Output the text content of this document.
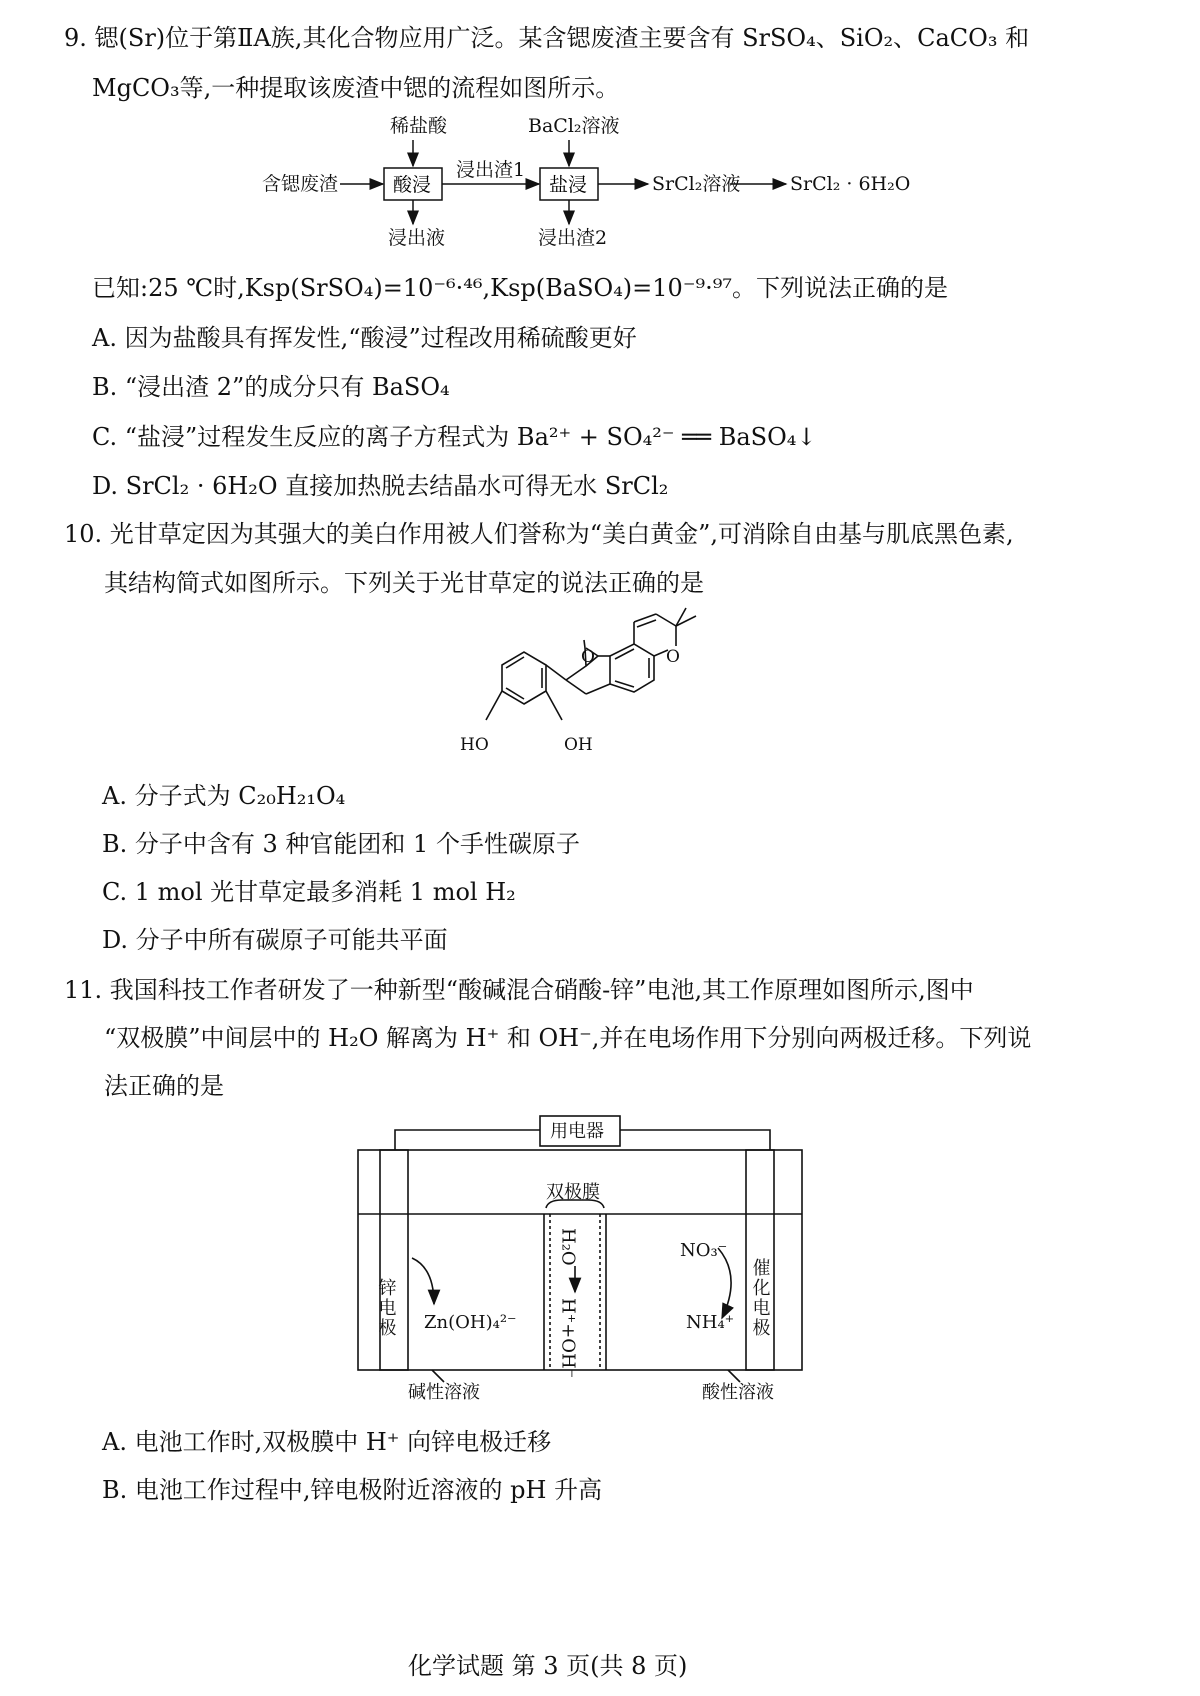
9. 锶(Sr)位于第ⅡA族,其化合物应用广泛。某含锶废渣主要含有 SrSO₄、SiO₂、CaCO₃ 和
MgCO₃等,一种提取该废渣中锶的流程如图所示。
稀盐酸	BaCl₂溶液
含锶废渣
浸出渣1
SrCl₂溶液	SrCl₂ · 6H₂O
浸出液	浸出渣2
酸浸	盐浸
已知:25 ℃时,Ksp(SrSO₄)=10⁻⁶·⁴⁶,Ksp(BaSO₄)=10⁻⁹·⁹⁷。下列说法正确的是
A. 因为盐酸具有挥发性,“酸浸”过程改用稀硫酸更好
B. “浸出渣 2”的成分只有 BaSO₄
C. “盐浸”过程发生反应的离子方程式为 Ba²⁺ + SO₄²⁻ ══ BaSO₄↓
D. SrCl₂ · 6H₂O 直接加热脱去结晶水可得无水 SrCl₂
10. 光甘草定因为其强大的美白作用被人们誉称为“美白黄金”,可消除自由基与肌底黑色素,
其结构简式如图所示。下列关于光甘草定的说法正确的是
O	O
HO	OH
A. 分子式为 C₂₀H₂₁O₄
B. 分子中含有 3 种官能团和 1 个手性碳原子
C. 1 mol 光甘草定最多消耗 1 mol H₂
D. 分子中所有碳原子可能共平面
11. 我国科技工作者研发了一种新型“酸碱混合硝酸-锌”电池,其工作原理如图所示,图中
“双极膜”中间层中的 H₂O 解离为 H⁺ 和 OH⁻,并在电场作用下分别向两极迁移。下列说
法正确的是
用电器
双极膜
锌电极	催化电极
Zn(OH)₄²⁻
NO₃⁻
NH₄⁺
H₂O
H⁺+OH⁻
碱性溶液	酸性溶液
A. 电池工作时,双极膜中 H⁺ 向锌电极迁移
B. 电池工作过程中,锌电极附近溶液的 pH 升高
化学试题 第 3 页(共 8 页)
